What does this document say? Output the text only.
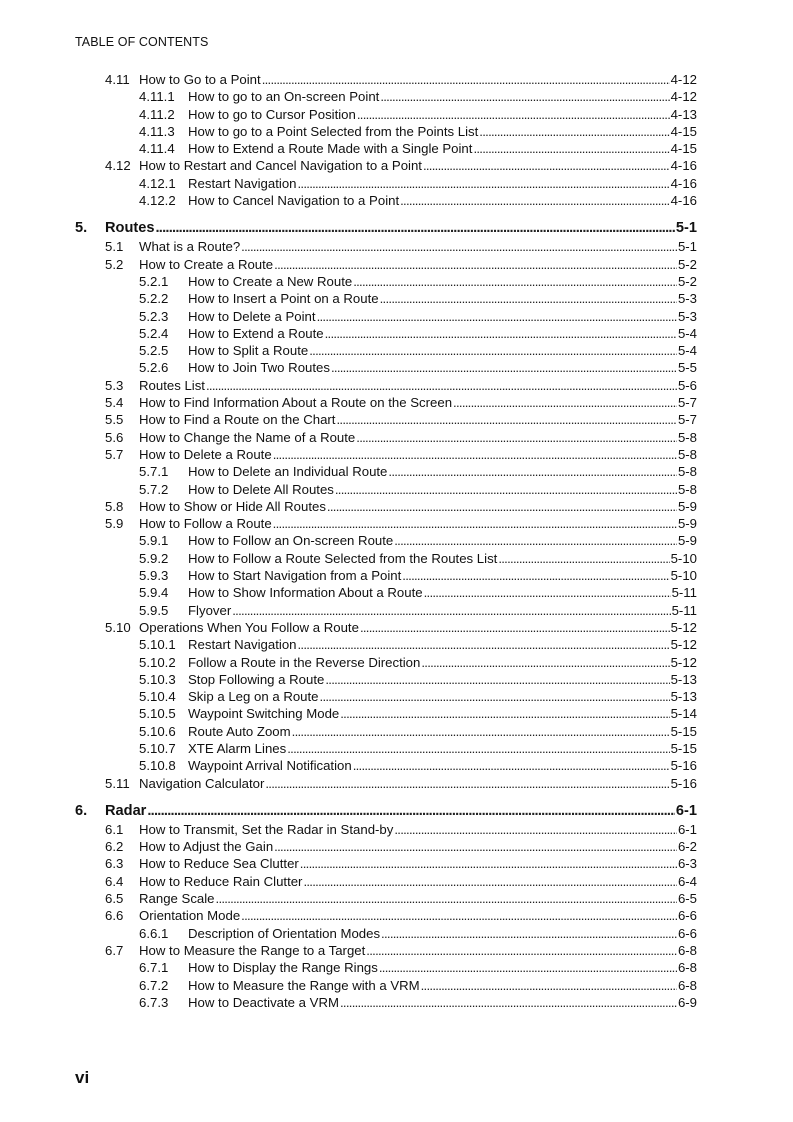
TABLE OF CONTENTS
4.11 How to Go to a Point . . .	4-12
4.11.1 How to go to an On-screen Point . . .	4-12
4.11.2 How to go to Cursor Position . . .	4-13
4.11.3 How to go to a Point Selected from the Points List . . .	4-15
4.11.4 How to Extend a Route Made with a Single Point . . .	4-15
4.12 How to Restart and Cancel Navigation to a Point . . .	4-16
4.12.1 Restart Navigation . . .	4-16
4.12.2 How to Cancel Navigation to a Point . . .	4-16
5. Routes . . .	5-1
5.1 What is a Route? . . .	5-1
5.2 How to Create a Route . . .	5-2
5.2.1 How to Create a New Route . . .	5-2
5.2.2 How to Insert a Point on a Route . . .	5-3
5.2.3 How to Delete a Point . . .	5-3
5.2.4 How to Extend a Route . . .	5-4
5.2.5 How to Split a Route . . .	5-4
5.2.6 How to Join Two Routes . . .	5-5
5.3 Routes List . . .	5-6
5.4 How to Find Information About a Route on the Screen . . .	5-7
5.5 How to Find a Route on the Chart . . .	5-7
5.6 How to Change the Name of a Route . . .	5-8
5.7 How to Delete a Route . . .	5-8
5.7.1 How to Delete an Individual Route . . .	5-8
5.7.2 How to Delete All Routes . . .	5-8
5.8 How to Show or Hide All Routes . . .	5-9
5.9 How to Follow a Route . . .	5-9
5.9.1 How to Follow an On-screen Route . . .	5-9
5.9.2 How to Follow a Route Selected from the Routes List . . .	5-10
5.9.3 How to Start Navigation from a Point . . .	5-10
5.9.4 How to Show Information About a Route . . .	5-11
5.9.5 Flyover . . .	5-11
5.10 Operations When You Follow a Route . . .	5-12
5.10.1 Restart Navigation . . .	5-12
5.10.2 Follow a Route in the Reverse Direction . . .	5-12
5.10.3 Stop Following a Route . . .	5-13
5.10.4 Skip a Leg on a Route . . .	5-13
5.10.5 Waypoint Switching Mode . . .	5-14
5.10.6 Route Auto Zoom . . .	5-15
5.10.7 XTE Alarm Lines . . .	5-15
5.10.8 Waypoint Arrival Notification . . .	5-16
5.11 Navigation Calculator . . .	5-16
6. Radar . . .	6-1
6.1 How to Transmit, Set the Radar in Stand-by . . .	6-1
6.2 How to Adjust the Gain . . .	6-2
6.3 How to Reduce Sea Clutter . . .	6-3
6.4 How to Reduce Rain Clutter . . .	6-4
6.5 Range Scale . . .	6-5
6.6 Orientation Mode . . .	6-6
6.6.1 Description of Orientation Modes . . .	6-6
6.7 How to Measure the Range to a Target . . .	6-8
6.7.1 How to Display the Range Rings . . .	6-8
6.7.2 How to Measure the Range with a VRM . . .	6-8
6.7.3 How to Deactivate a VRM . . .	6-9
vi
